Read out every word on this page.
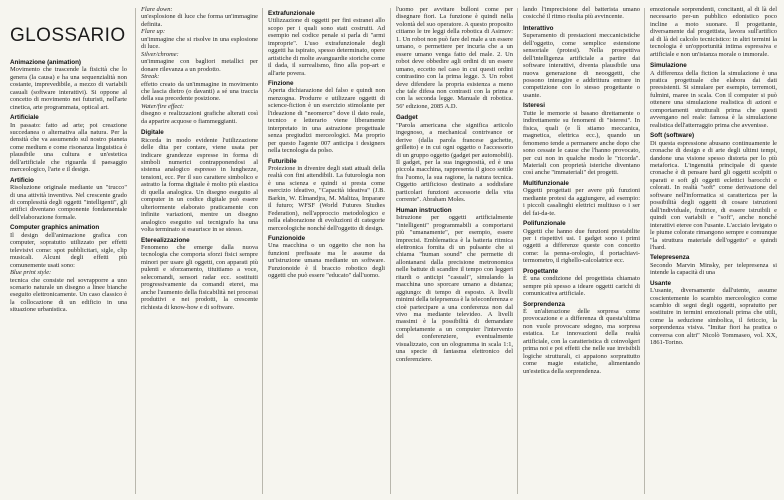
GLOSSARIO

Animazione (animation)

Movimento che trascende la fisicità che lo genera (la causa) e ha una sequenzialità non costante, imprevedibile, a mezzo di variabili casuali (software interattivi). Si oppone al concetto di movimento nei futuristi, nell'arte cinetica, arte programmata, optical art.

Artificiale

In passato: fatto ad arte; poi creazione succedanea o alternativa alla natura. Per la densità che va assumendo sul nostro pianeta come medium e come risonanza linguistica è plausibile una cultura e un'estetica dell'artificiale che riguarda il paesaggio merceologico, l'arte e il design.

Artificio

Risoluzione originale mediante un "trucco" di una attività inventiva. Nel crescente grado di complessità degli oggetti "intelligenti", gli artifici diventano componente fondamentale dell'elaborazione formale.

Computer graphics animation

Il design dell'animazione grafica con computer, sopratutto utilizzato per effetti televisivi come: spot pubblicitari, sigle, clip musicali. Alcuni degli effetti più comunemente usati sono:

Blue print style:

tecnica che consiste nel sovrapporre a uno scenario naturale un disegno a linee bianche eseguito elettronicamente. Un caso classico è la collocazione di un edificio in una situazione urbanistica.

Flare down:

un'esplosione di luce che forma un'immagine definita.

Flare up:

un'immagine che si risolve in una esplosione di luce.

Silver/chrome:

un'immagine con bagliori metallici per donare rilevanza a un prodotto.

Streak:

effetto creato da un'immagine in movimento che lascia dietro (o davanti) a sé una traccia della sua precedente posizione.

Water/fire effect:

disegno e realizzazioni grafiche alterati così da apparire acquose o fiammeggianti.

Digitale

Ricorda in modo evidente l'utilizzazione delle dita per contare, viene usata per indicare grandezze espresse in forma di simboli numerici contrapponendosi al sistema analogico espresso in lunghezze, tensioni, ecc. Per il suo carattere simbolico e astratto la forma digitale è molto più elastica di quella analogica. Un disegno eseguito al computer in un codice digitale può essere ulteriormente elaborato praticamente con infinite variazioni, mentre un disegno analogico eseguito sul tecnigrafo ha una volta terminato si esaurisce in se stesso.

Eterealizzazione

Fenomeno che emerge dalla nuova tecnologia che comporta sforzi fisici sempre minori per usare gli oggetti, con apparati più pulenti e sforzamento, tituitiamo a voce, selecomandi, sensori radar ecc. sostituiti progressivamente da comandi eterei, ma anche l'aumento della fisicabilità nei processi produttivi e nei prodotti, la crescente richiesta di know-how e di software.

Extrafunzionale

Utilizzazione di oggetti per fini estranei allo scopo per i quali sono stati costruiti. Ad esempio nel codice penale si parla di "armi improprie". L'uso extrafunzionale degli oggetti ha ispirato, spesso determinato, opere artistiche di molte avanguardie storiche come il dada, il surrealismo, fino alla pop-art e all'arte povera.

Finzione

Aperta dichiarazione del falso e quindi non menzogna. Produrre e utilizzare oggetti di science-fiction è un esercizio stimolante per l'ideazione di "neomerce" dove il dato reale, tecnico e letterario viene liberamente interpretato in una astrazione progettuale senza pregiudizi merceologici. Ma proprio per questo l'agente 007 anticipa i designers nella tecnologia da polso.

Futuribile

Proiezione in divenire degli stati attuali della realtà con fini attendibili. La futurologia non è una scienza e quindi si presta come esercizio ideativo, "Capacità ideativa" (J.B. Barkin, W. Elmandjra, M. Malitza, Imparare il futuro; WFSF (World Futures Studies Federation), nell'approccio metodologico e nella elaborazione di evoluzioni di categorie merceologiche nonché dell'oggetto di design.

Funzionoide

Una macchina o un oggetto che non ha funzioni prefissate ma le assume da un'istruzione umana mediante un software. Funzionoide è il braccio robotico degli oggetti che può essere "educato" dall'uomo.

l'uomo per avvitare bulloni come per disegnare fiori. La funzione è quindi nella volontà del suo operatore. A questo proposito citiamo le tre leggi della robotica di Asimov: 1. Un robot non può fare del male a un essere umano, o permettere per incuria che a un essere umano venga fatto del male. 2. Un robot deve obbedire agli ordini di un essere umano, eccetto nel caso in cui questi ordini contrastino con la prima legge. 3. Un robot deve difendere la propria esistenza a meno che tale difesa non contrasti con la prima e con la seconda legge. Manuale di robotica. 56ª edizione, 2085 A.D.

Gadget

"Parola americana che significa articolo ingegnoso, a mechanical contrivance or derive (dalla parola francese gachette, grilletto) e in cui ogni oggetto o l'accessorio di un gruppo oggetto (gadget per automobili). Il gadget, per la sua ingegnosità, ed è una piccola macchina, rappresenta il gioco sottile fra l'uomo, la sua ragione, la natura tecnica. Oggetto artificioso destinato a soddisfare particolari funzioni accessorie della vita corrente". Abraham Moles.

Human instruction

Istruzione per oggetti artificialmente "intelligenti" programmabili a comportarsi più "umanamente", per esempio, essere imprecisi. Emblematica è la batteria ritmica elettronica fornita di un pulsante che si chiama "human sound" che permette di allontanarsi dalla precisione metronomica nelle battute di scandire il tempo con leggeri ritardi o anticipi "casuali", simulando la macchina uno sporcare umano a distanza; aggiungo: di tempo di esposto. A livelli minimi della teleprsenza è la teleconferenza e cioè partecipare a una conferenza non dal vivo ma mediante televideo. A livelli massimi è la possibilità di demandare completamente a un computer l'intervento del conferenziere, eventualmente visualizzato, con un ologramma in scala 1:1, una specie di fantasma elettronico del conferenziere.

lando l'imprecisione del batterista umano cosicché il ritmo risulta più avvincente.

Interattivo

Superamento di prestazioni meccanicistiche dell'oggetto, come semplice estensione sensoriale (protesi). Nella prospettiva dell'intelligenza artificiale a partire dai software interattivi, diventa plausibile una nuova generazione di neooggetti, che possono interagire e addirittura entrare in competizione con lo stesso progettante o usante.

Isteresi

Tutte le memorie si basano direttamente o indirettamente su fenomeni di "isteresi". In fisica, quali (e lì stiamo meccanica, magnetica, elettrica ecc.), quando un fenomeno tende a permanere anche dopo che sono cessate le cause che l'hanno provocato, per cui non in qualche modo le "ricorda". Materiali con proprietà isteriche diventano così anche "immateriali" dei progetti.

Multifunzionale

Oggetti progettati per avere più funzioni mediante protesi da aggiungere, ad esempio: i piccoli casalinghi elettrici multiuso o i ser del fai-da-te.

Polifunzionale

Oggetti che hanno due funzioni prestabilite per i rispettivi usi. I gadget sono i primi oggetti a differenze queste con concetto come: la penna-orologio, il portachiavi-termometro, il righello-calcolatrice ecc.

Progettante

È una condizione del progettista chiamato sempre più spesso a ideare oggetti carichi di comunicativa artificiale.

Sorprendenza

È un'alterazione delle sorpresa come provocazione e a differenza di questa'ultima non vuole provocare sdegno, ma sorpresa estatica. Le innovazioni della realtà artificiale, con la caratteristica di coinvolgeri prima noi e poi effetti che nelle sue invisibili logiche strutturali, ci appaiono sorprattutto come magie estatiche, alimentando un'estetica della sorprendenza.

emozionale sorprendenti, concitanti, al di là del necessario per-un pubblico edonistico poco incline a moto suonare. Il progettante, diversamente dal progettista, lavora sull'artifico al di là del calcolo tecnicistico: in altri termini la tecnologia è un'opportunità intima espressiva e artificiale e non un'istanza morale o immorale.

Simulazione

A differenza della fiction la simulazione è una pratica progettuale che elabora dai dati preesistenti. Si simulare per esempio, terremoti, fulmini, maree in scala. Con il computer si può ottenere una simulazione realistica di azioni e comportamenti strutturali prima che questi avvengano nel reale: famosa è la simulazione realistica dell'atterraggio prima che avvenisse.

Soft (software)

Di questa espressione abusano continuamente le cronache di design e di arte degli ultimi tempi, dandone una visione spesso distorta per lo più metaforica. L'ingenuità principale di queste cronache è di pensare hard gli oggetti scolpiti o sparati e soft gli oggetti eclettici barocchi e colorati. In realtà "soft" come derivazione del software nell'informatica si caratterizza per la possibilità degli oggetti di cosare istruzioni dall'individuale, fruitrice, di essere istruibili e quindi con variabili e "soft", anche nonché interattivi eteree con l'usante. L'acciaio levigato o le piume colorate rimangono sempre e comunque "la struttura materiale dell'oggetto" e quindi l'hard.

Telepresenza

Secondo Marvin Minsky, per telepresenza si intende la capacità di una

Usante

L'usante, diversamente dall'utente, assume coscientemente lo scambio merceologico come scambio di segni degli oggetti, sopratutto per sostituire in termini emozionali prima che utili, come la seduzione simbolica, il feticcio, la sorprendenza visiva. "Imitar fiori ha pratica o conversa con altri" Nicolò Tommaseo, vol. XX, 1861-Torino.
